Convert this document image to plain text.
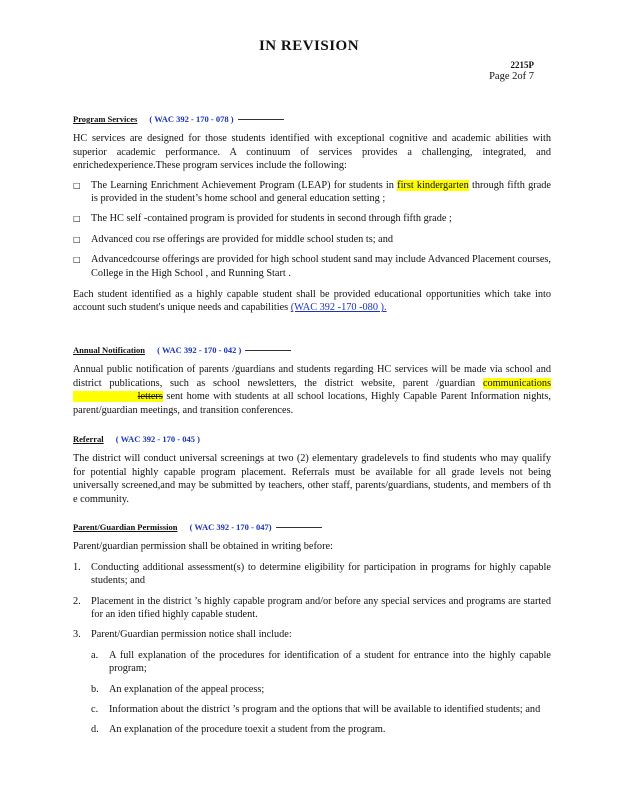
IN REVISION
2215P
Page 2of 7
Program Services ( WAC 392 - 170 - 078 )
HC services are designed for those students identified with exceptional cognitive and academic abilities with superior academic performance. A continuum of services provides a challenging, integrated, and enrichedexperience.These program services include the following:
□ The Learning Enrichment Achievement Program (LEAP) for students in first kindergarten through fifth grade is provided in the student’s home school and general education setting ;
□ The HC self -contained program is provided for students in second through fifth grade ;
□ Advanced cou rse offerings are provided for middle school studen ts; and
□ Advancedcourse offerings are provided for high school student sand may include Advanced Placement courses, College in the High School , and Running Start .
Each student identified as a highly capable student shall be provided educational opportunities which take into account such student's unique needs and capabilities (WAC 392 -170 -080 ).
Annual Notification ( WAC 392 - 170 - 042 )
Annual public notification of parents /guardians and students regarding HC services will be made via school and district publications, such as school newsletters, the district website, parent /guardian communications                  letters sent home with students at all school locations, Highly Capable Parent Information nights, parent/guardian meetings, and transition conferences.
Referral ( WAC 392 - 170 - 045 )
The district will conduct universal screenings at two (2) elementary gradelevels to find students who may qualify for potential highly capable program placement. Referrals must be available for all grade levels not being universally screened,and may be submitted by teachers, other staff, parents/guardians, students, and members of th e community.
Parent/Guardian Permission ( WAC 392 - 170 - 047)
Parent/guardian permission shall be obtained in writing before:
1. Conducting additional assessment(s) to determine eligibility for participation in programs for highly capable students; and
2. Placement in the district ’s highly capable program and/or before any special services and programs are started for an iden tified highly capable student.
3. Parent/Guardian permission notice shall include:
a. A full explanation of the procedures for identification of a student for entrance into the highly capable program;
b. An explanation of the appeal process;
c. Information about the district ’s program and the options that will be available to identified students; and
d. An explanation of the procedure toexit a student from the program.
